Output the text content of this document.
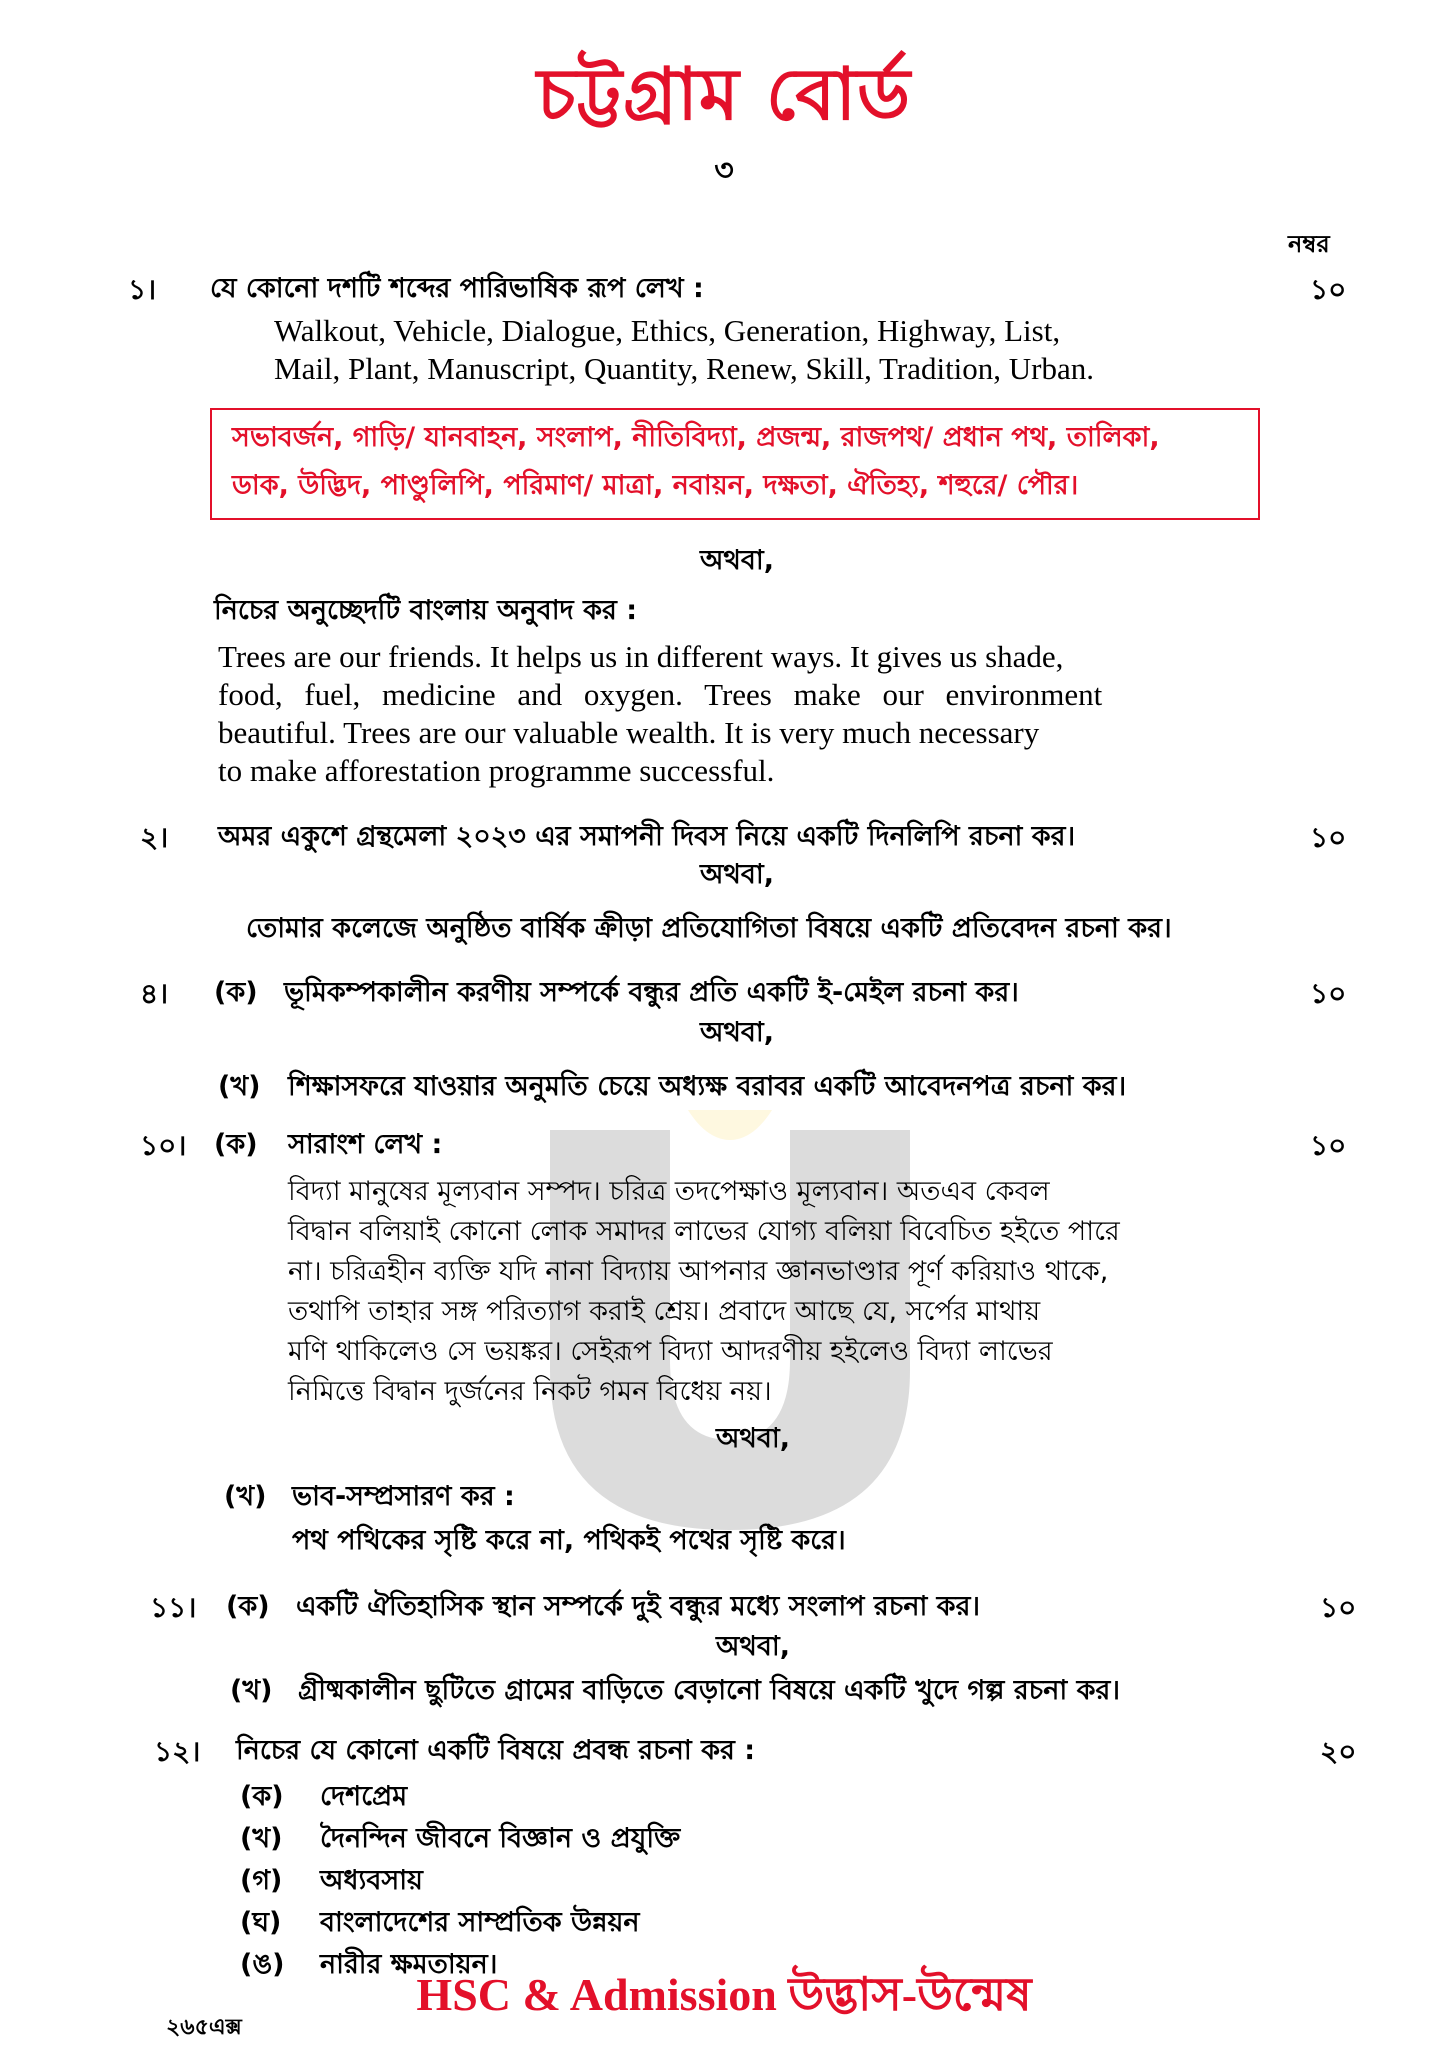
চট্টগ্রাম বোর্ড
৩
নম্বর
১। যে কোনো দশটি শব্দের পারিভাষিক রূপ লেখ :	১০
Walkout, Vehicle, Dialogue, Ethics, Generation, Highway, List,
Mail, Plant, Manuscript, Quantity, Renew, Skill, Tradition, Urban.
সভাবর্জন, গাড়ি/ যানবাহন, সংলাপ, নীতিবিদ্যা, প্রজন্ম, রাজপথ/ প্রধান পথ, তালিকা,
ডাক, উদ্ভিদ, পাণ্ডুলিপি, পরিমাণ/ মাত্রা, নবায়ন, দক্ষতা, ঐতিহ্য, শহুরে/ পৌর।
অথবা,
নিচের অনুচ্ছেদটি বাংলায় অনুবাদ কর :
Trees are our friends. It helps us in different ways. It gives us shade,
food, fuel, medicine and oxygen. Trees make our environment
beautiful. Trees are our valuable wealth. It is very much necessary
to make afforestation programme successful.
২। অমর একুশে গ্রন্থমেলা ২০২৩ এর সমাপনী দিবস নিয়ে একটি দিনলিপি রচনা কর।	১০
অথবা,
তোমার কলেজে অনুষ্ঠিত বার্ষিক ক্রীড়া প্রতিযোগিতা বিষয়ে একটি প্রতিবেদন রচনা কর।
৪। (ক) ভূমিকম্পকালীন করণীয় সম্পর্কে বন্ধুর প্রতি একটি ই-মেইল রচনা কর।	১০
অথবা,
(খ) শিক্ষাসফরে যাওয়ার অনুমতি চেয়ে অধ্যক্ষ বরাবর একটি আবেদনপত্র রচনা কর।
১০। (ক) সারাংশ লেখ :	১০
বিদ্যা মানুষের মূল্যবান সম্পদ। চরিত্র তদপেক্ষাও মূল্যবান। অতএব কেবল
বিদ্বান বলিয়াই কোনো লোক সমাদর লাভের যোগ্য বলিয়া বিবেচিত হইতে পারে
না। চরিত্রহীন ব্যক্তি যদি নানা বিদ্যায় আপনার জ্ঞানভাণ্ডার পূর্ণ করিয়াও থাকে,
তথাপি তাহার সঙ্গ পরিত্যাগ করাই শ্রেয়। প্রবাদে আছে যে, সর্পের মাথায়
মণি থাকিলেও সে ভয়ঙ্কর। সেইরূপ বিদ্যা আদরণীয় হইলেও বিদ্যা লাভের
নিমিত্তে বিদ্বান দুর্জনের নিকট গমন বিধেয় নয়।
অথবা,
(খ) ভাব-সম্প্রসারণ কর :
পথ পথিকের সৃষ্টি করে না, পথিকই পথের সৃষ্টি করে।
১১। (ক) একটি ঐতিহাসিক স্থান সম্পর্কে দুই বন্ধুর মধ্যে সংলাপ রচনা কর।	১০
অথবা,
(খ) গ্রীষ্মকালীন ছুটিতে গ্রামের বাড়িতে বেড়ানো বিষয়ে একটি খুদে গল্প রচনা কর।
১২। নিচের যে কোনো একটি বিষয়ে প্রবন্ধ রচনা কর :	২০
(ক) দেশপ্রেম
(খ) দৈনন্দিন জীবনে বিজ্ঞান ও প্রযুক্তি
(গ) অধ্যবসায়
(ঘ) বাংলাদেশের সাম্প্রতিক উন্নয়ন
(ঙ) নারীর ক্ষমতায়ন।
HSC & Admission উদ্ভাস-উন্মেষ
২৬৫এক্স
